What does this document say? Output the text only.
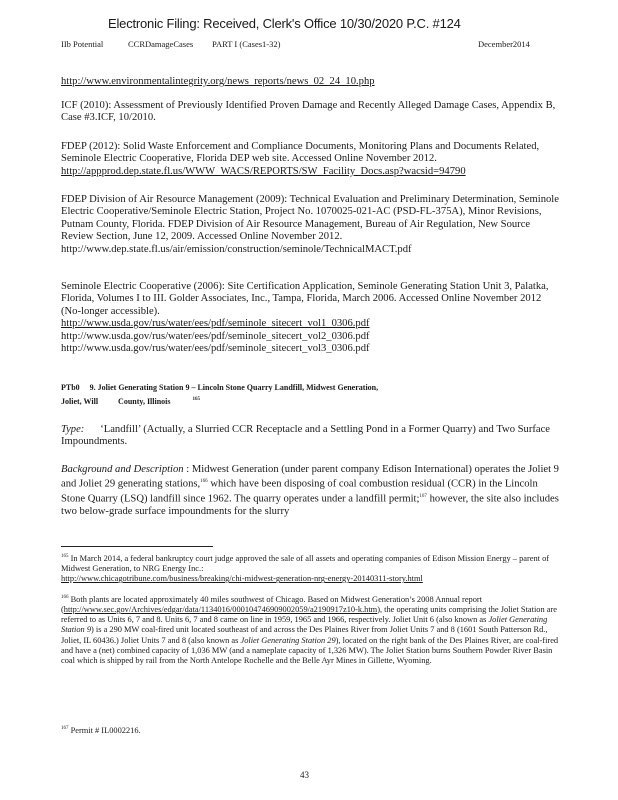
Electronic Filing: Received, Clerk's Office 10/30/2020 P.C. #124
IIb Potential	CCRDamageCases PART I (Cases1-32)	December2014
http://www.environmentalintegrity.org/news_reports/news_02_24_10.php
ICF (2010): Assessment of Previously Identified Proven Damage and Recently Alleged Damage Cases, Appendix B, Case #3.ICF, 10/2010.
FDEP (2012): Solid Waste Enforcement and Compliance Documents, Monitoring Plans and Documents Related, Seminole Electric Cooperative, Florida DEP web site. Accessed Online November 2012.
http://appprod.dep.state.fl.us/WWW_WACS/REPORTS/SW_Facility_Docs.asp?wacsid=94790
FDEP Division of Air Resource Management (2009): Technical Evaluation and Preliminary Determination, Seminole Electric Cooperative/Seminole Electric Station, Project No. 1070025-021-AC (PSD-FL-375A), Minor Revisions, Putnam County, Florida. FDEP Division of Air Resource Management, Bureau of Air Regulation, New Source Review Section, June 12, 2009. Accessed Online November 2012.
http://www.dep.state.fl.us/air/emission/construction/seminole/TechnicalMACT.pdf
Seminole Electric Cooperative (2006): Site Certification Application, Seminole Generating Station Unit 3, Palatka, Florida, Volumes I to III. Golder Associates, Inc., Tampa, Florida, March 2006. Accessed Online November 2012 (No-longer accessible).
http://www.usda.gov/rus/water/ees/pdf/seminole_sitecert_vol1_0306.pdf
http://www.usda.gov/rus/water/ees/pdf/seminole_sitecert_vol2_0306.pdf
http://www.usda.gov/rus/water/ees/pdf/seminole_sitecert_vol3_0306.pdf
PTb0 9. Joliet Generating Station 9 – Lincoln Stone Quarry Landfill, Midwest Generation,
Joliet, Will	County, Illinois	$^{165}$
Type: ‘Landfill’ (Actually, a Slurried CCR Receptacle and a Settling Pond in a Former Quarry) and Two Surface Impoundments.
Background and Description : Midwest Generation (under parent company Edison International) operates the Joliet 9 and Joliet 29 generating stations,$^{166}$ which have been disposing of coal combustion residual (CCR) in the Lincoln Stone Quarry (LSQ) landfill since 1962. The quarry operates under a landfill permit;$^{167}$ however, the site also includes two below-grade surface impoundments for the slurry
$^{165}$ In March 2014, a federal bankruptcy court judge approved the sale of all assets and operating companies of Edison Mission Energy – parent of Midwest Generation, to NRG Energy Inc.:
http://www.chicagotribune.com/business/breaking/chi-midwest-generation-nrg-energy-20140311-story.html
$^{166}$ Both plants are located approximately 40 miles southwest of Chicago. Based on Midwest Generation’s 2008 Annual report (http://www.sec.gov/Archives/edgar/data/1134016/000104746909002059/a2190917z10-k.htm), the operating units comprising the Joliet Station are referred to as Units 6, 7 and 8. Units 6, 7 and 8 came on line in 1959, 1965 and 1966, respectively. Joliet Unit 6 (also known as Joliet Generating Station 9) is a 290 MW coal-fired unit located southeast of and across the Des Plaines River from Joliet Units 7 and 8 (1601 South Patterson Rd., Joliet, IL 60436.) Joliet Units 7 and 8 (also known as Joliet Generating Station 29), located on the right bank of the Des Plaines River, are coal-fired and have a (net) combined capacity of 1,036 MW (and a nameplate capacity of 1,326 MW). The Joliet Station burns Southern Powder River Basin coal which is shipped by rail from the North Antelope Rochelle and the Belle Ayr Mines in Gillette, Wyoming.
$^{167}$ Permit # IL0002216.
43
